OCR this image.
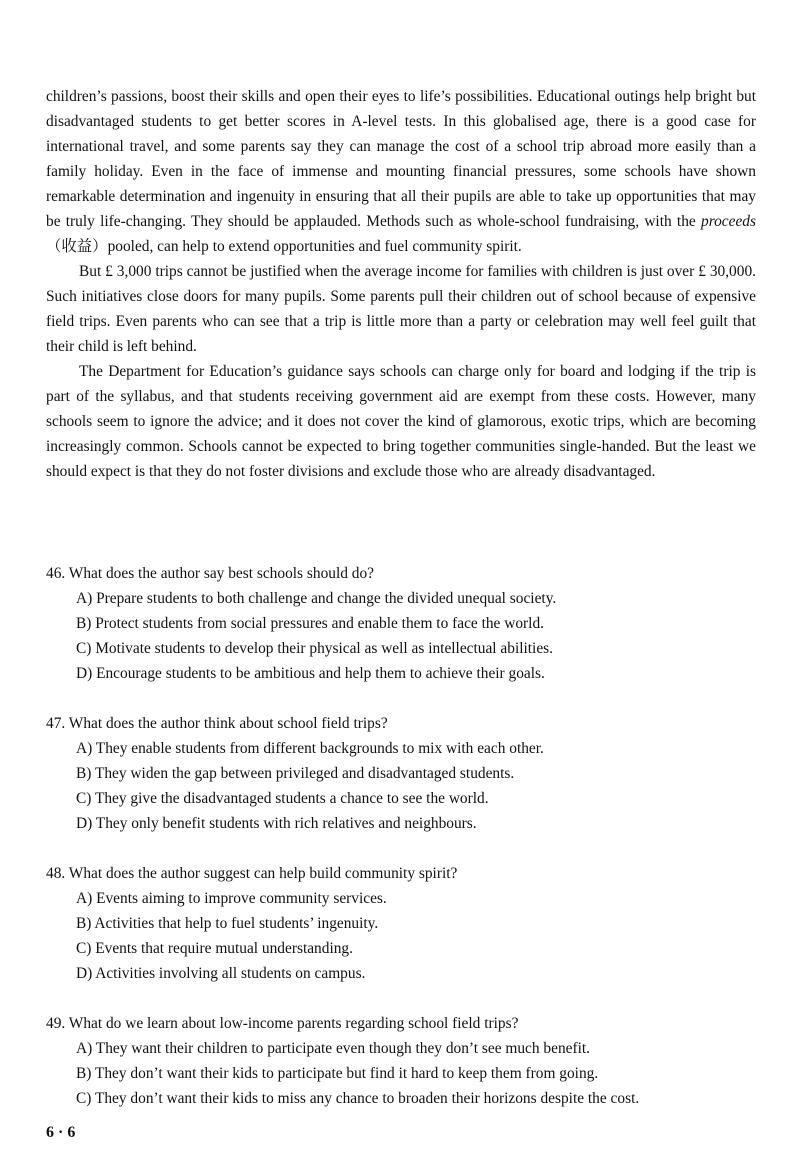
children’s passions, boost their skills and open their eyes to life’s possibilities. Educational outings help bright but disadvantaged students to get better scores in A-level tests. In this globalised age, there is a good case for international travel, and some parents say they can manage the cost of a school trip abroad more easily than a family holiday. Even in the face of immense and mounting financial pressures, some schools have shown remarkable determination and ingenuity in ensuring that all their pupils are able to take up opportunities that may be truly life-changing. They should be applauded. Methods such as whole-school fundraising, with the proceeds（收益）pooled, can help to extend opportunities and fuel community spirit.

But £ 3,000 trips cannot be justified when the average income for families with children is just over £ 30,000. Such initiatives close doors for many pupils. Some parents pull their children out of school because of expensive field trips. Even parents who can see that a trip is little more than a party or celebration may well feel guilt that their child is left behind.

The Department for Education’s guidance says schools can charge only for board and lodging if the trip is part of the syllabus, and that students receiving government aid are exempt from these costs. However, many schools seem to ignore the advice; and it does not cover the kind of glamorous, exotic trips, which are becoming increasingly common. Schools cannot be expected to bring together communities single-handed. But the least we should expect is that they do not foster divisions and exclude those who are already disadvantaged.

46. What does the author say best schools should do?

A) Prepare students to both challenge and change the divided unequal society.

B) Protect students from social pressures and enable them to face the world.

C) Motivate students to develop their physical as well as intellectual abilities.

D) Encourage students to be ambitious and help them to achieve their goals.

47. What does the author think about school field trips?

A) They enable students from different backgrounds to mix with each other.

B) They widen the gap between privileged and disadvantaged students.

C) They give the disadvantaged students a chance to see the world.

D) They only benefit students with rich relatives and neighbours.

48. What does the author suggest can help build community spirit?

A) Events aiming to improve community services.

B) Activities that help to fuel students’ ingenuity.

C) Events that require mutual understanding.

D) Activities involving all students on campus.

49. What do we learn about low-income parents regarding school field trips?

A) They want their children to participate even though they don’t see much benefit.

B) They don’t want their kids to participate but find it hard to keep them from going.

C) They don’t want their kids to miss any chance to broaden their horizons despite the cost.

6 · 6
